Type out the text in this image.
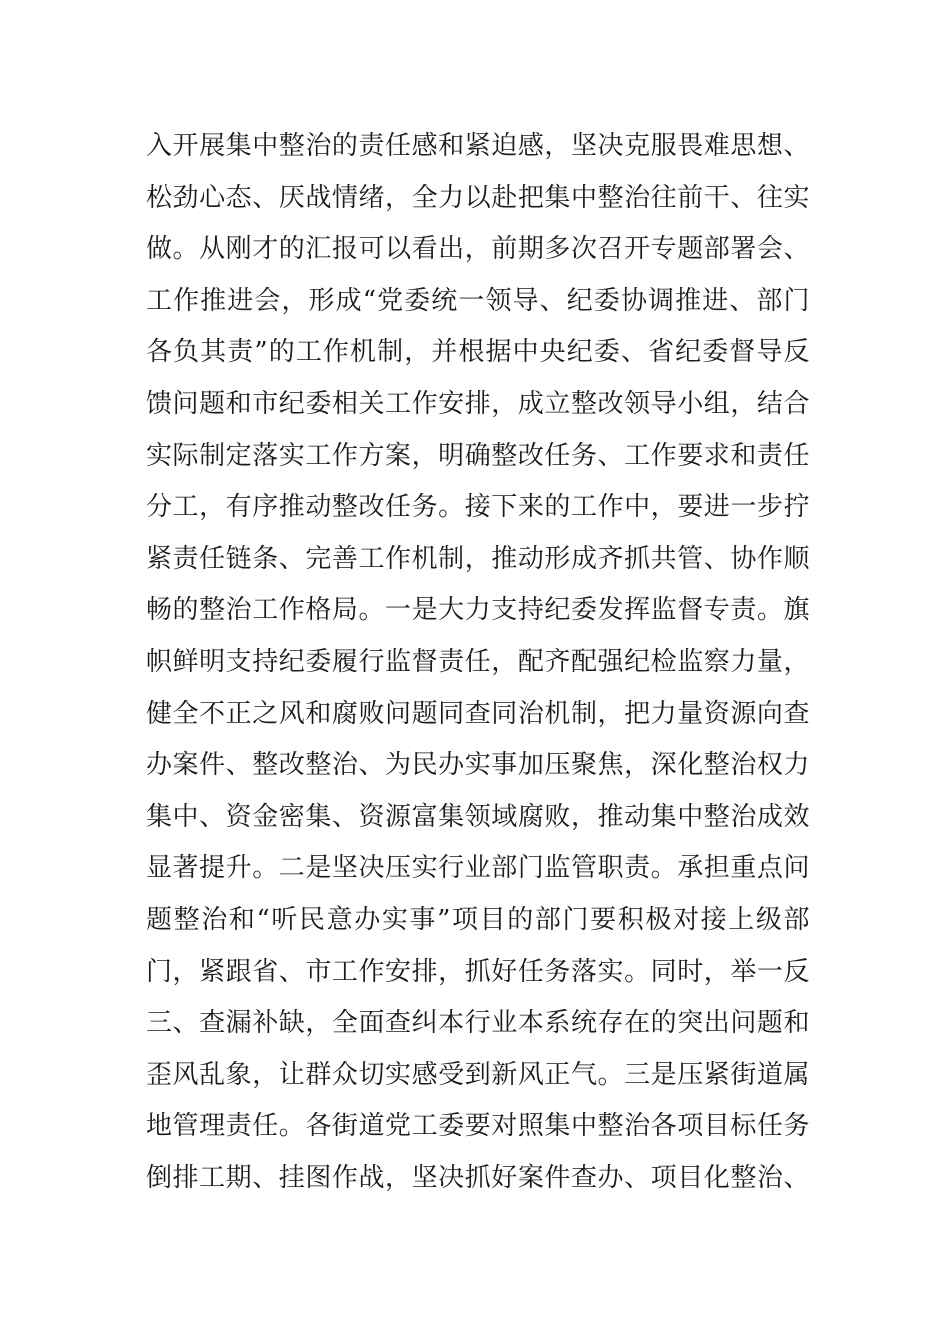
入开展集中整治的责任感和紧迫感，坚决克服畏难思想、
松劲心态、厌战情绪，全力以赴把集中整治往前干、往实
做。从刚才的汇报可以看出，前期多次召开专题部署会、
工作推进会，形成“党委统一领导、纪委协调推进、部门
各负其责”的工作机制，并根据中央纪委、省纪委督导反
馈问题和市纪委相关工作安排，成立整改领导小组，结合
实际制定落实工作方案，明确整改任务、工作要求和责任
分工，有序推动整改任务。接下来的工作中，要进一步拧
紧责任链条、完善工作机制，推动形成齐抓共管、协作顺
畅的整治工作格局。一是大力支持纪委发挥监督专责。旗
帜鲜明支持纪委履行监督责任，配齐配强纪检监察力量，
健全不正之风和腐败问题同查同治机制，把力量资源向查
办案件、整改整治、为民办实事加压聚焦，深化整治权力
集中、资金密集、资源富集领域腐败，推动集中整治成效
显著提升。二是坚决压实行业部门监管职责。承担重点问
题整治和“听民意办实事”项目的部门要积极对接上级部
门，紧跟省、市工作安排，抓好任务落实。同时，举一反
三、查漏补缺，全面查纠本行业本系统存在的突出问题和
歪风乱象，让群众切实感受到新风正气。三是压紧街道属
地管理责任。各街道党工委要对照集中整治各项目标任务
倒排工期、挂图作战，坚决抓好案件查办、项目化整治、
